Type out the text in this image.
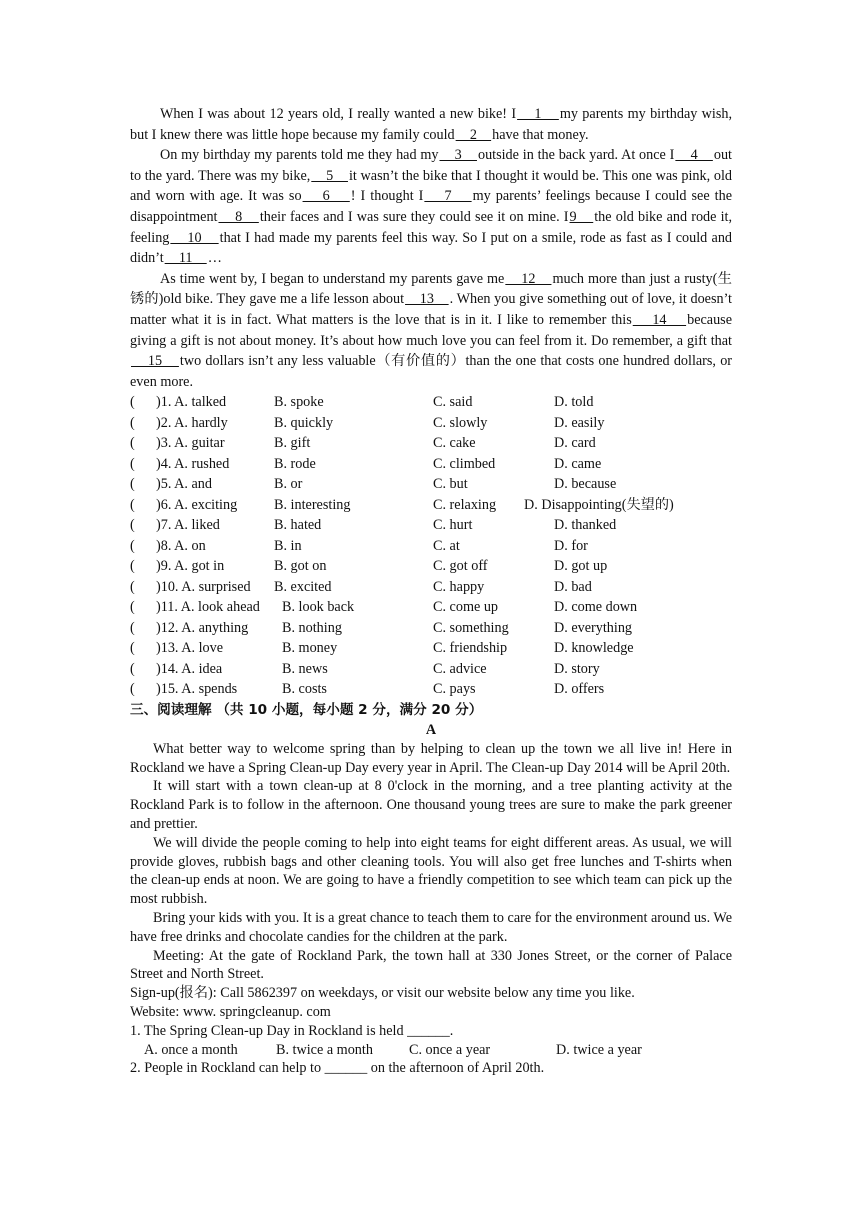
When I was about 12 years old, I really wanted a new bike! I    1    my parents my birthday wish, but I knew there was little hope because my family could    2    have that money.

On my birthday my parents told me they had my    3    outside in the back yard. At once I    4    out to the yard. There was my bike,    5    it wasn’t the bike that I thought it would be. This one was pink, old and worn with age. It was so    6    ! I thought I    7    my parents’ feelings because I could see the disappointment    8    their faces and I was sure they could see it on mine. I9    the old bike and rode it, feeling    10    that I had made my parents feel this way. So I put on a smile, rode as fast as I could and didn’t    11    …

As time went by, I began to understand my parents gave me    12    much more than just a rusty(生锈的)old bike. They gave me a life lesson about    13    . When you give something out of love, it doesn’t matter what it is in fact. What matters is the love that is in it. I like to remember this    14    because giving a gift is not about money. It’s about how much love you can feel from it. Do remember, a gift that    15    two dollars isn’t any less valuable（有价值的）than the one that costs one hundred dollars, or even more.

(      )1. A. talked	B. spoke	C. said	D. told
(      )2. A. hardly	B. quickly	C. slowly	D. easily
(      )3. A. guitar	B. gift	C. cake	D. card
(      )4. A. rushed	B. rode	C. climbed	D. came
(      )5. A. and	B. or	C. but	D. because
(      )6. A. exciting	B. interesting	C. relaxing	D. Disappointing(失望的)
(      )7. A. liked	B. hated	C. hurt	D. thanked
(      )8. A. on	B. in	C. at	D. for
(      )9. A. got in	B. got on	C. got off	D. got up
(      )10. A. surprised	B. excited	C. happy	D. bad
(      )11. A. look ahead	B. look back	C. come up	D. come down
(      )12. A. anything	B. nothing	C. something	D. everything
(      )13. A. love	B. money	C. friendship	D. knowledge
(      )14. A. idea	B. news	C. advice	D. story
(      )15. A. spends	B. costs	C. pays	D. offers

三、阅读理解 （共 10 小题，每小题 2 分，满分 20 分）

A

What better way to welcome spring than by helping to clean up the town we all live in! Here in Rockland we have a Spring Clean-up Day every year in April. The Clean-up Day 2014 will be April 20th.

It will start with a town clean-up at 8 0'clock in the morning, and a tree planting activity at the Rockland Park is to follow in the afternoon. One thousand young trees are sure to make the park greener and prettier.

We will divide the people coming to help into eight teams for eight different areas. As usual, we will provide gloves, rubbish bags and other cleaning tools. You will also get free lunches and T-shirts when the clean-up ends at noon. We are going to have a friendly competition to see which team can pick up the most rubbish.

Bring your kids with you. It is a great chance to teach them to care for the environment around us. We have free drinks and chocolate candies for the children at the park.

Meeting: At the gate of Rockland Park, the town hall at 330 Jones Street, or the corner of Palace Street and North Street.

Sign-up(报名): Call 5862397 on weekdays, or visit our website below any time you like.

Website: www. springcleanup. com

1. The Spring Clean-up Day in Rockland is held ______.

A. once a month	B. twice a month	C. once a year	D. twice a year

2. People in Rockland can help to ______ on the afternoon of April 20th.
